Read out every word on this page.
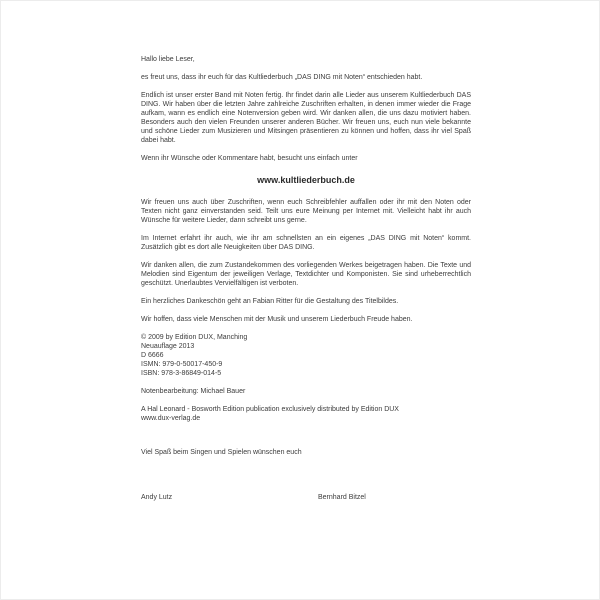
Hallo liebe Leser,

es freut uns, dass ihr euch für das Kultliederbuch „DAS DING mit Noten“ entschieden habt.

Endlich ist unser erster Band mit Noten fertig. Ihr findet darin alle Lieder aus unserem Kultliederbuch DAS DING. Wir haben über die letzten Jahre zahlreiche Zuschriften erhalten, in denen immer wieder die Frage aufkam, wann es endlich eine Notenversion geben wird. Wir danken allen, die uns dazu motiviert haben. Besonders auch den vielen Freunden unserer anderen Bücher. Wir freuen uns, euch nun viele bekannte und schöne Lieder zum Musizieren und Mitsingen präsentieren zu können und hoffen, dass ihr viel Spaß dabei habt.

Wenn ihr Wünsche oder Kommentare habt, besucht uns einfach unter

www.kultliederbuch.de

Wir freuen uns auch über Zuschriften, wenn euch Schreibfehler auffallen oder ihr mit den Noten oder Texten nicht ganz einverstanden seid. Teilt uns eure Meinung per Internet mit. Vielleicht habt ihr auch Wünsche für weitere Lieder, dann schreibt uns gerne.

Im Internet erfahrt ihr auch, wie ihr am schnellsten an ein eigenes „DAS DING mit Noten“ kommt. Zusätzlich gibt es dort alle Neuigkeiten über DAS DING.

Wir danken allen, die zum Zustandekommen des vorliegenden Werkes beigetragen haben. Die Texte und Melodien sind Eigentum der jeweiligen Verlage, Textdichter und Komponisten. Sie sind urheberrechtlich geschützt. Unerlaubtes Vervielfältigen ist verboten.

Ein herzliches Dankeschön geht an Fabian Ritter für die Gestaltung des Titelbildes.

Wir hoffen, dass viele Menschen mit der Musik und unserem Liederbuch Freude haben.

© 2009 by Edition DUX, Manching
Neuauflage 2013
D 6666
ISMN: 979-0-50017-450-9
ISBN: 978-3-86849-014-5

Notenbearbeitung: Michael Bauer

A Hal Leonard - Bosworth Edition publication exclusively distributed by Edition DUX
www.dux-verlag.de

Viel Spaß beim Singen und Spielen wünschen euch

Andy Lutz	Bernhard Bitzel
